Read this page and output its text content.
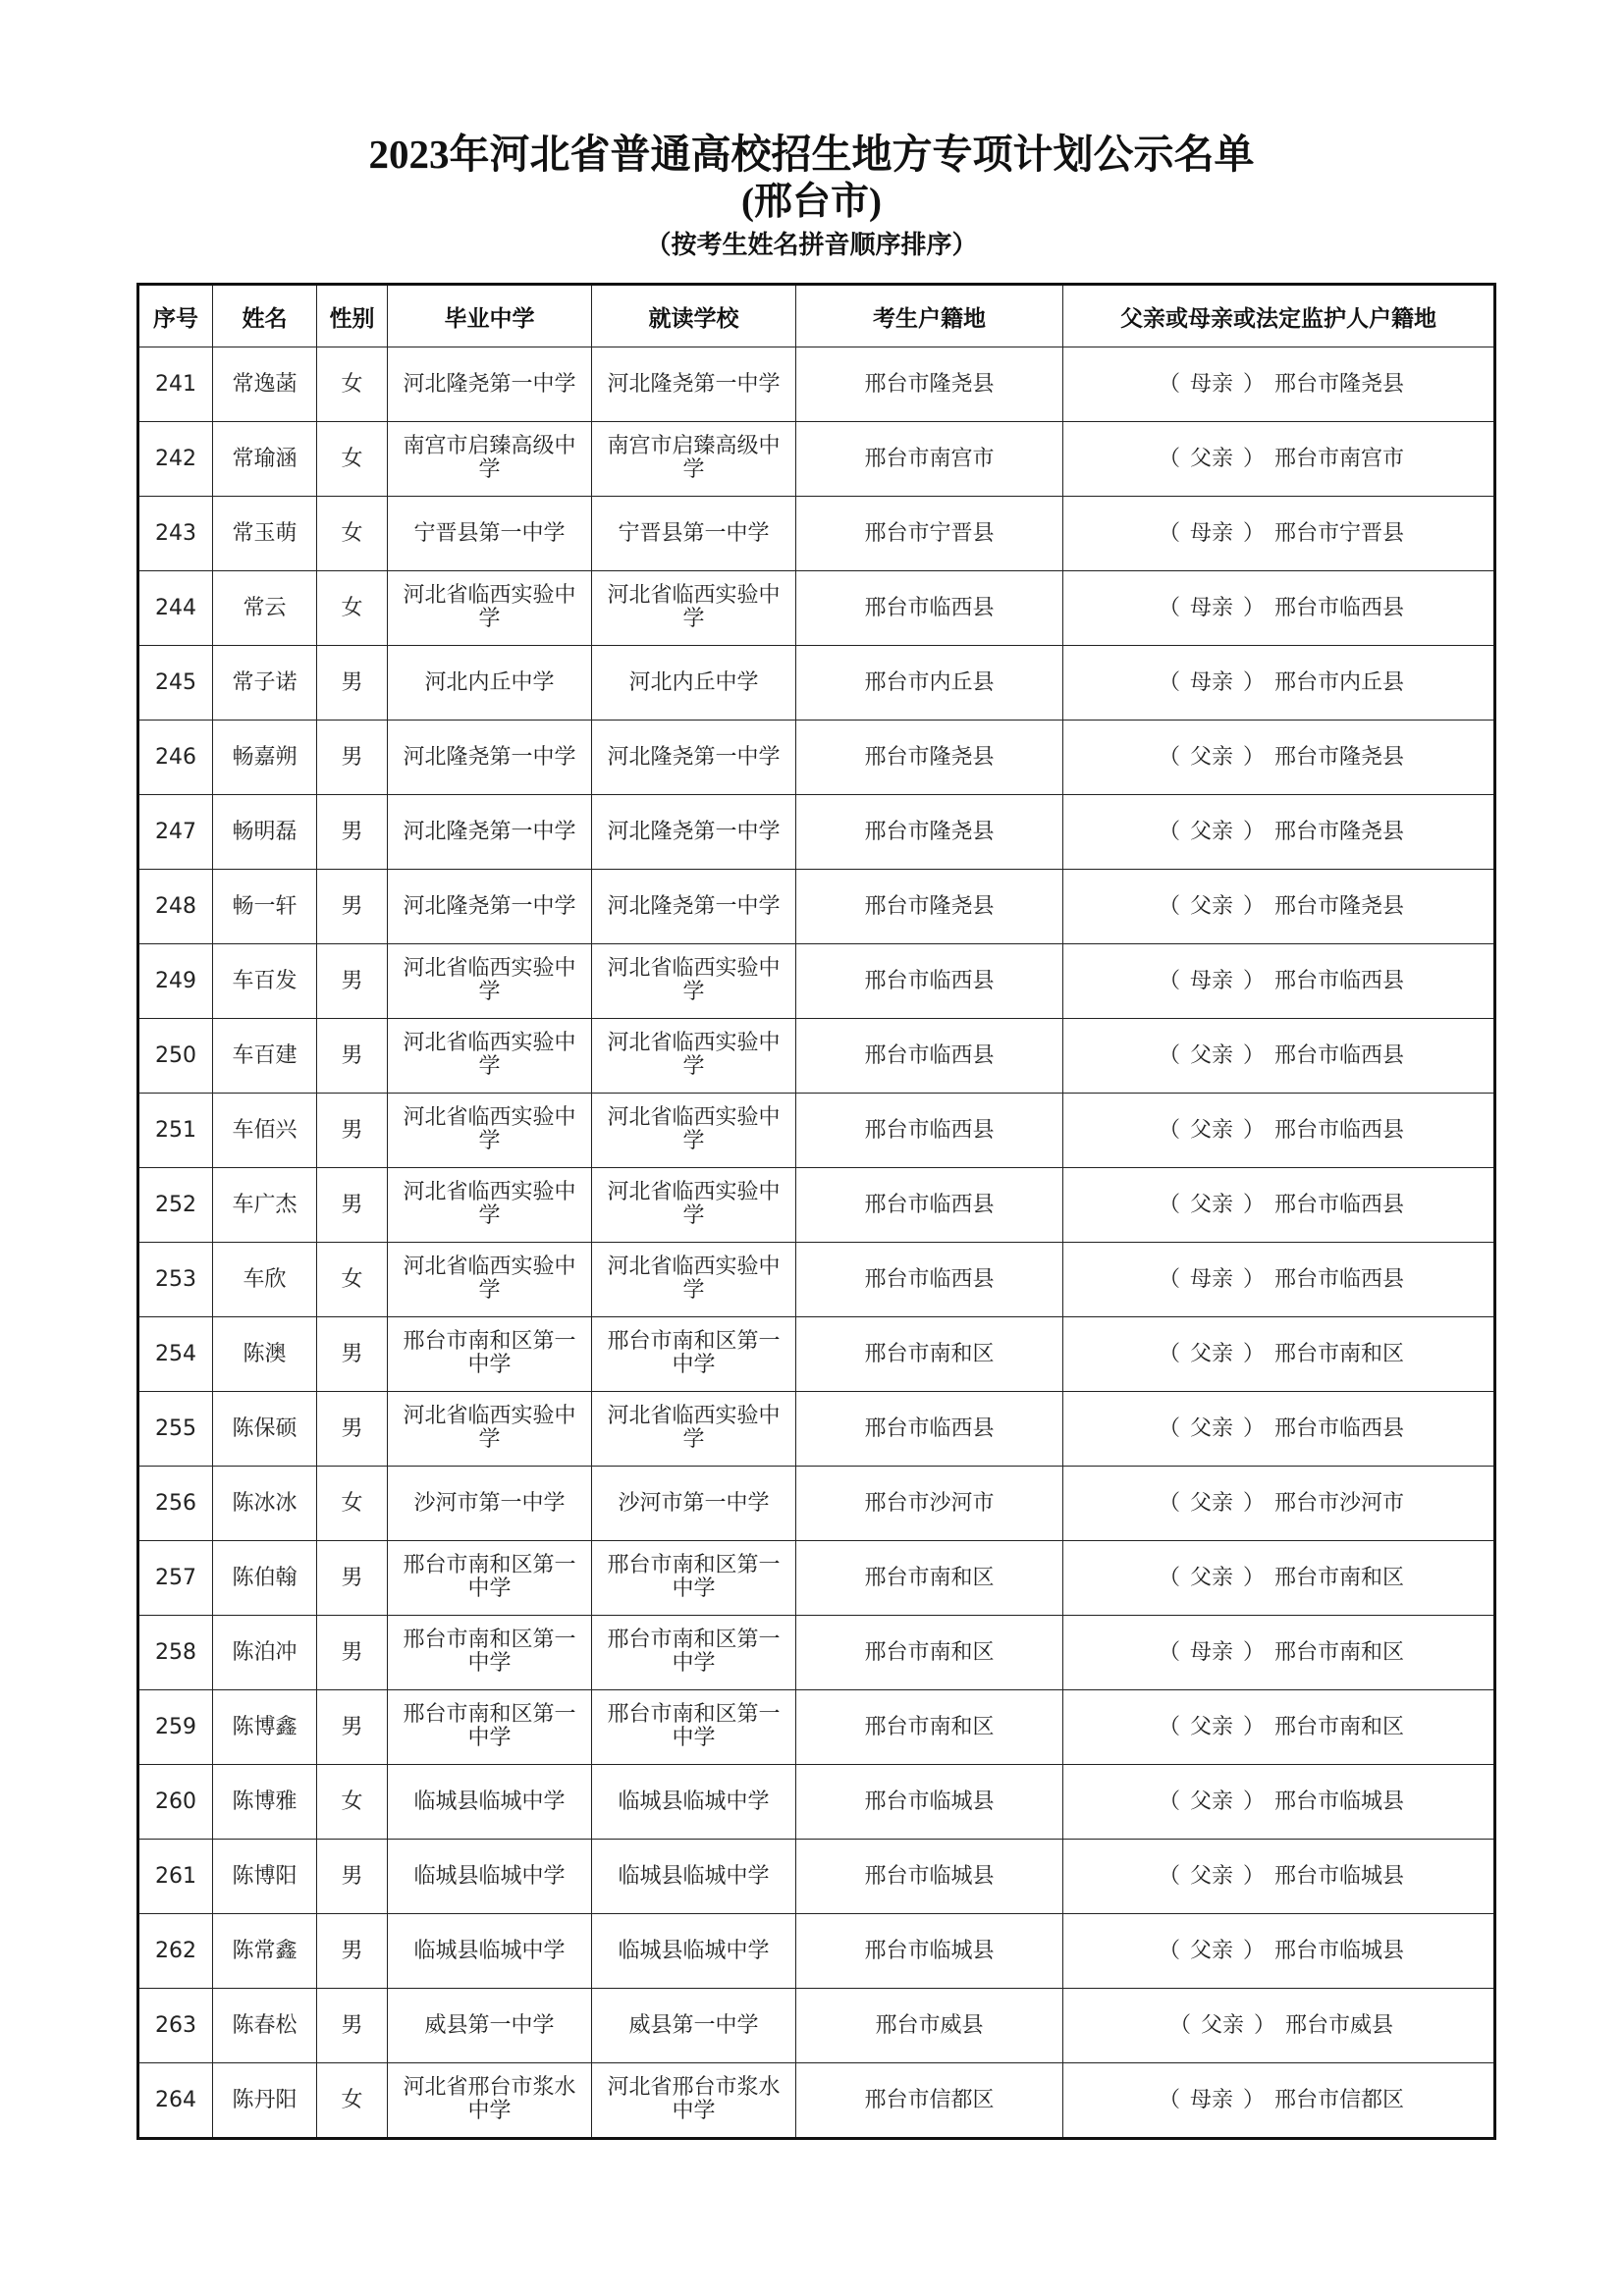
2023年河北省普通高校招生地方专项计划公示名单
(邢台市)
（按考生姓名拼音顺序排序）
序号	姓名	性别	毕业中学	就读学校	考生户籍地	父亲或母亲或法定监护人户籍地
241	常逸菡	女	河北隆尧第一中学	河北隆尧第一中学	邢台市隆尧县	（ 母亲 ） 邢台市隆尧县
242	常瑜涵	女	南宫市启臻高级中学	南宫市启臻高级中学	邢台市南宫市	（ 父亲 ） 邢台市南宫市
243	常玉萌	女	宁晋县第一中学	宁晋县第一中学	邢台市宁晋县	（ 母亲 ） 邢台市宁晋县
244	常云	女	河北省临西实验中学	河北省临西实验中学	邢台市临西县	（ 母亲 ） 邢台市临西县
245	常子诺	男	河北内丘中学	河北内丘中学	邢台市内丘县	（ 母亲 ） 邢台市内丘县
246	畅嘉朔	男	河北隆尧第一中学	河北隆尧第一中学	邢台市隆尧县	（ 父亲 ） 邢台市隆尧县
247	畅明磊	男	河北隆尧第一中学	河北隆尧第一中学	邢台市隆尧县	（ 父亲 ） 邢台市隆尧县
248	畅一轩	男	河北隆尧第一中学	河北隆尧第一中学	邢台市隆尧县	（ 父亲 ） 邢台市隆尧县
249	车百发	男	河北省临西实验中学	河北省临西实验中学	邢台市临西县	（ 母亲 ） 邢台市临西县
250	车百建	男	河北省临西实验中学	河北省临西实验中学	邢台市临西县	（ 父亲 ） 邢台市临西县
251	车佰兴	男	河北省临西实验中学	河北省临西实验中学	邢台市临西县	（ 父亲 ） 邢台市临西县
252	车广杰	男	河北省临西实验中学	河北省临西实验中学	邢台市临西县	（ 父亲 ） 邢台市临西县
253	车欣	女	河北省临西实验中学	河北省临西实验中学	邢台市临西县	（ 母亲 ） 邢台市临西县
254	陈澳	男	邢台市南和区第一中学	邢台市南和区第一中学	邢台市南和区	（ 父亲 ） 邢台市南和区
255	陈保硕	男	河北省临西实验中学	河北省临西实验中学	邢台市临西县	（ 父亲 ） 邢台市临西县
256	陈冰冰	女	沙河市第一中学	沙河市第一中学	邢台市沙河市	（ 父亲 ） 邢台市沙河市
257	陈伯翰	男	邢台市南和区第一中学	邢台市南和区第一中学	邢台市南和区	（ 父亲 ） 邢台市南和区
258	陈泊冲	男	邢台市南和区第一中学	邢台市南和区第一中学	邢台市南和区	（ 母亲 ） 邢台市南和区
259	陈博鑫	男	邢台市南和区第一中学	邢台市南和区第一中学	邢台市南和区	（ 父亲 ） 邢台市南和区
260	陈博雅	女	临城县临城中学	临城县临城中学	邢台市临城县	（ 父亲 ） 邢台市临城县
261	陈博阳	男	临城县临城中学	临城县临城中学	邢台市临城县	（ 父亲 ） 邢台市临城县
262	陈常鑫	男	临城县临城中学	临城县临城中学	邢台市临城县	（ 父亲 ） 邢台市临城县
263	陈春松	男	威县第一中学	威县第一中学	邢台市威县	（ 父亲 ） 邢台市威县
264	陈丹阳	女	河北省邢台市浆水中学	河北省邢台市浆水中学	邢台市信都区	（ 母亲 ） 邢台市信都区
